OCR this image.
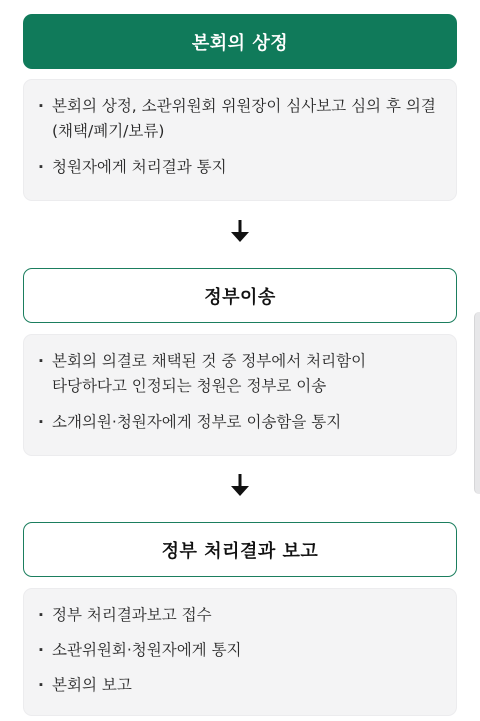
본회의 상정
· 본회의 상정, 소관위원회 위원장이 심사보고 심의 후 의결(채택/폐기/보류)
· 청원자에게 처리결과 통지
정부이송
· 본회의 의결로 채택된 것 중 정부에서 처리함이 타당하다고 인정되는 청원은 정부로 이송
· 소개의원·청원자에게 정부로 이송함을 통지
정부 처리결과 보고
· 정부 처리결과보고 접수
· 소관위원회·청원자에게 통지
· 본회의 보고
